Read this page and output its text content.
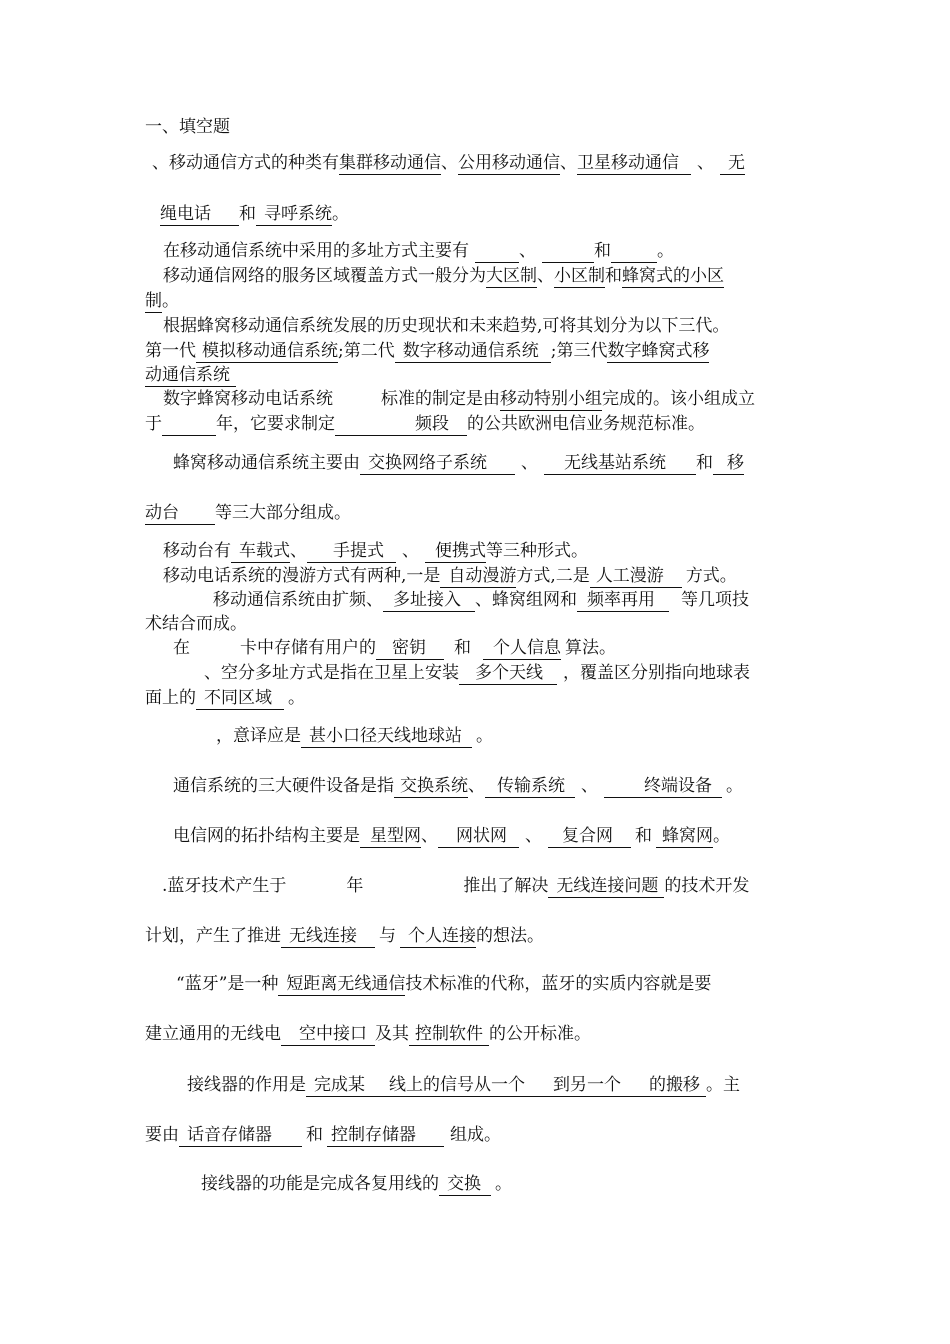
一、填空题
、移动通信方式的种类有集群移动通信、公用移动通信、卫星移动通信 、 无
绳电话 和 寻呼系统。
在移动通信系统中采用的多址方式主要有	、	和	。
移动通信网络的服务区域覆盖方式一般分为大区制、小区制和蜂窝式的小区
制。
根据蜂窝移动通信系统发展的历史现状和未来趋势,可将其划分为以下三代。
第一代 模拟移动通信系统;第二代 数字移动通信系统 ;第三代数字蜂窝式移
动通信系统
数字蜂窝移动电话系统	标准的制定是由移动特别小组完成的。该小组成立
于	年，它要求制定	频段 的公共欧洲电信业务规范标准。
蜂窝移动通信系统主要由 交换网络子系统 、 无线基站系统 和 移
动台 等三大部分组成。
移动台有 车载式、 手提式 、 便携式等三种形式。
移动电话系统的漫游方式有两种,一是 自动漫游方式,二是 人工漫游 方式。
移动通信系统由扩频、 多址接入 、蜂窝组网和 频率再用 等几项技
术结合而成。
在	卡中存储有用户的 密钥 和 个人信息 算法。
、空分多址方式是指在卫星上安装 多个天线 ，覆盖区分别指向地球表
面上的 不同区域 。
，意译应是 甚小口径天线地球站 。
通信系统的三大硬件设备是指 交换系统、 传输系统 、	终端设备 。
电信网的拓扑结构主要是 星型网、 网状网 、 复合网 和 蜂窝网。
.蓝牙技术产生于	年	推出了解决 无线连接问题 的技术开发
计划，产生了推进 无线连接 与 个人连接的想法。
“蓝牙”是一种 短距离无线通信技术标准的代称，蓝牙的实质内容就是要
建立通用的无线电 空中接口 及其 控制软件 的公开标准。
接线器的作用是 完成某 线上的信号从一个 到另一个 的搬移 。主
要由 话音存储器 和 控制存储器 组成。
接线器的功能是完成各复用线的 交换 。
